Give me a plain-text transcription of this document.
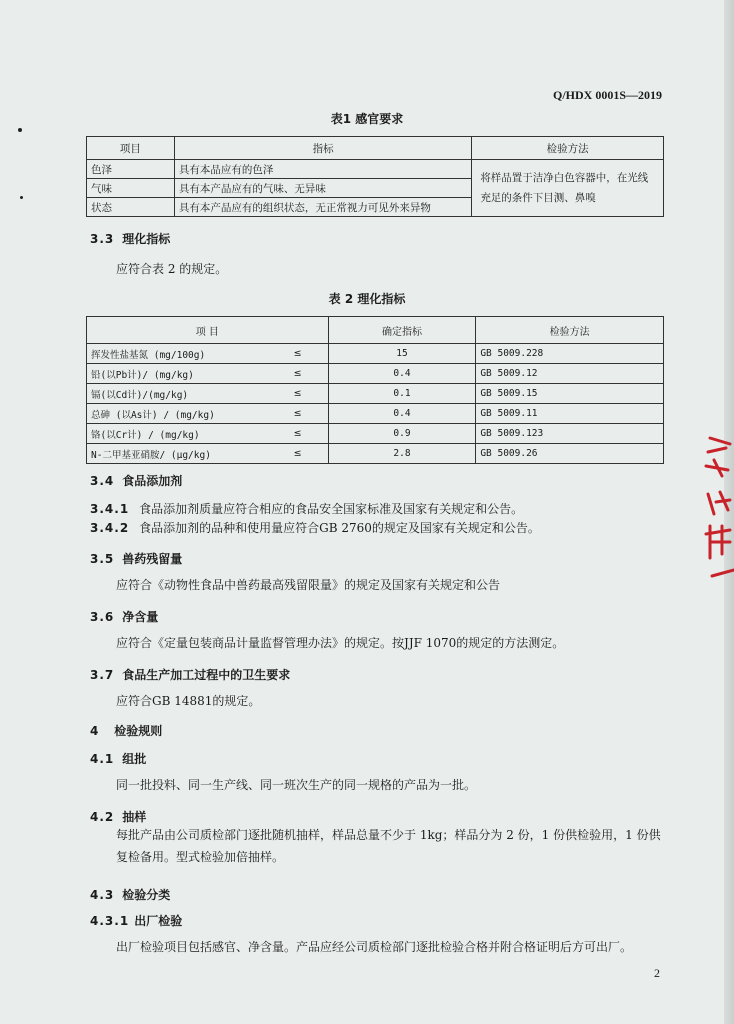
Q/HDX 0001S—2019
表1 感官要求
项目	指标	检验方法
色泽	具有本品应有的色泽	将样品置于洁净白色容器中，在光线充足的条件下目测、鼻嗅
气味	具有本产品应有的气味、无异味	
状态	具有本产品应有的组织状态，无正常视力可见外来异物	
3.3 理化指标
应符合表 2 的规定。
表 2 理化指标
项 目		确定指标	检验方法
挥发性盐基氮 (mg/100g)	≤	15	GB 5009.228
铅(以Pb计)/ (mg/kg)	≤	0.4	GB 5009.12
镉(以Cd计)/(mg/kg)	≤	0.1	GB 5009.15
总砷 (以As计) / (mg/kg)	≤	0.4	GB 5009.11
铬(以Cr计) / (mg/kg)	≤	0.9	GB 5009.123
N-二甲基亚硝胺/ (μg/kg)	≤	2.8	GB 5009.26
3.4 食品添加剂
3.4.1 食品添加剂质量应符合相应的食品安全国家标准及国家有关规定和公告。
3.4.2 食品添加剂的品种和使用量应符合GB 2760的规定及国家有关规定和公告。
3.5 兽药残留量
应符合《动物性食品中兽药最高残留限量》的规定及国家有关规定和公告
3.6 净含量
应符合《定量包装商品计量监督管理办法》的规定。按JJF 1070的规定的方法测定。
3.7 食品生产加工过程中的卫生要求
应符合GB 14881的规定。
4 检验规则
4.1 组批
同一批投料、同一生产线、同一班次生产的同一规格的产品为一批。
4.2 抽样
每批产品由公司质检部门逐批随机抽样，样品总量不少于 1kg；样品分为 2 份，1 份供检验用，1 份供复检备用。型式检验加倍抽样。
4.3 检验分类
4.3.1 出厂检验
出厂检验项目包括感官、净含量。产品应经公司质检部门逐批检验合格并附合格证明后方可出厂。
2
